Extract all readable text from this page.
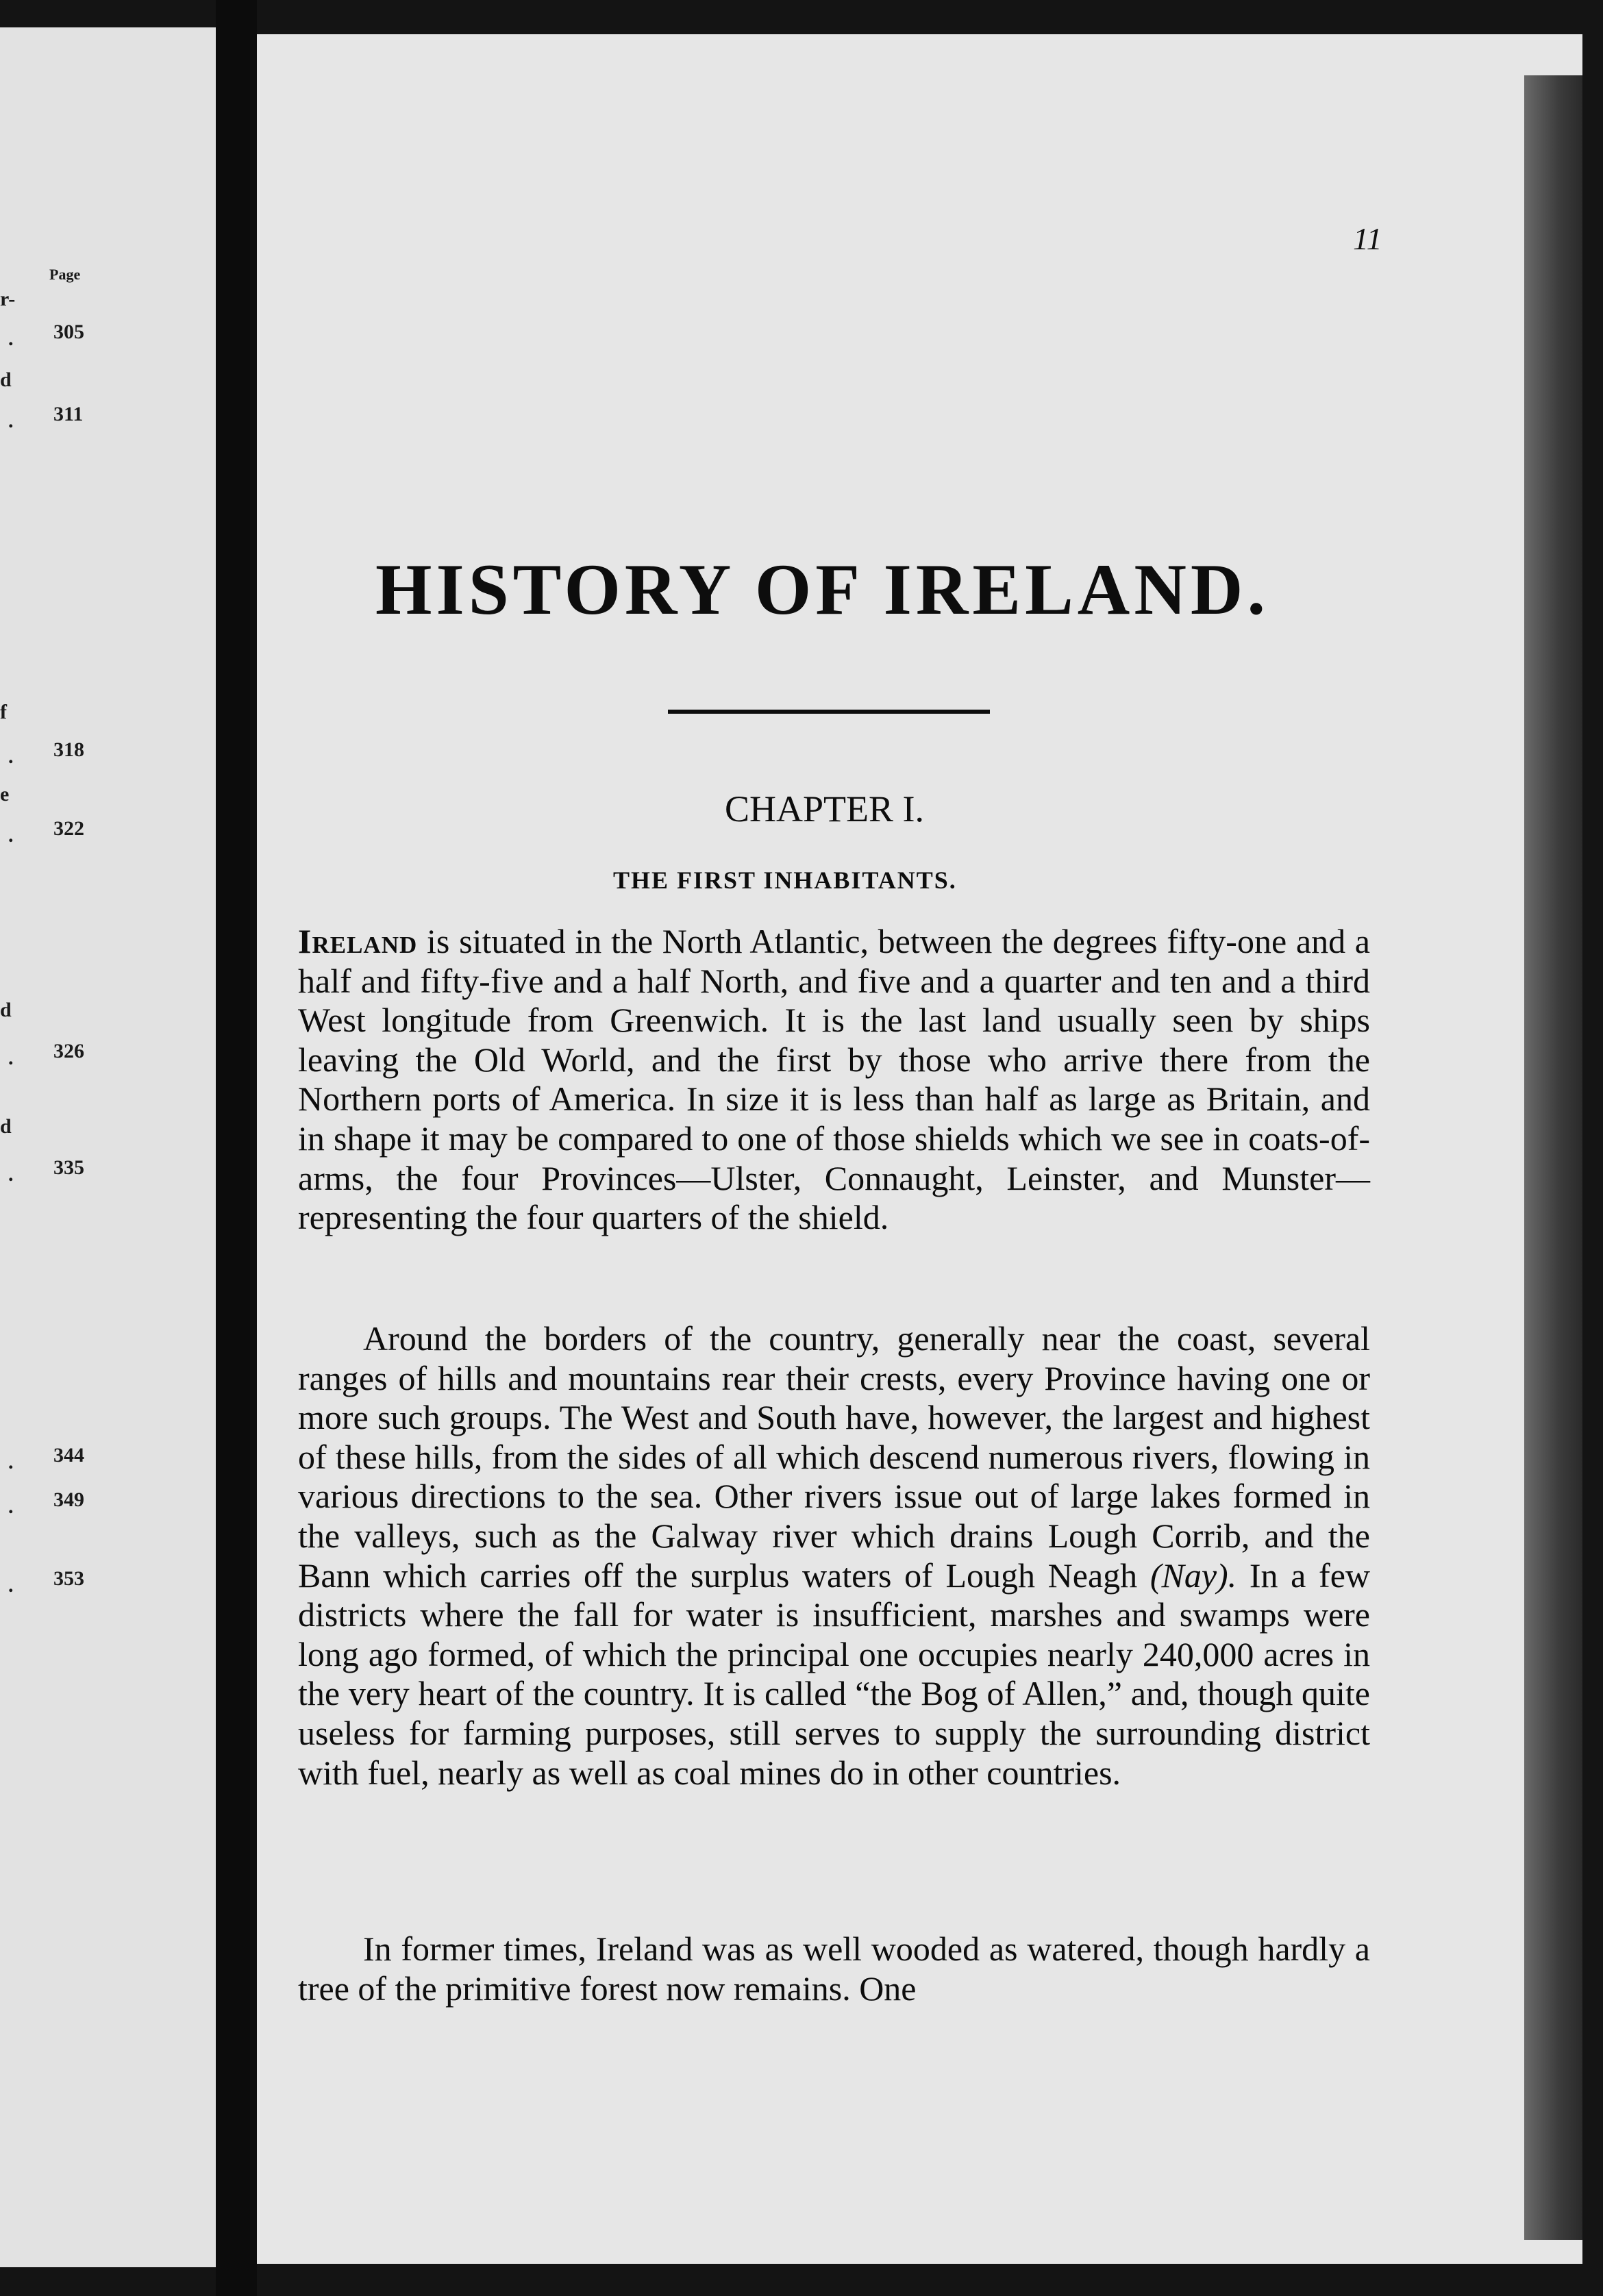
Page
r-
. 305
d
. 311
f
. 318
e
. 322
d
. 326
d
. 335
. 344
. 349
. 353
11
HISTORY OF IRELAND.
CHAPTER I.
THE FIRST INHABITANTS.
Ireland is situated in the North Atlantic, between the degrees fifty-one and a half and fifty-five and a half North, and five and a quarter and ten and a third West longitude from Greenwich. It is the last land usually seen by ships leaving the Old World, and the first by those who arrive there from the Northern ports of America. In size it is less than half as large as Britain, and in shape it may be compared to one of those shields which we see in coats-of-arms, the four Provinces—Ulster, Connaught, Leinster, and Munster—representing the four quarters of the shield.
Around the borders of the country, generally near the coast, several ranges of hills and mountains rear their crests, every Province having one or more such groups. The West and South have, however, the largest and highest of these hills, from the sides of all which descend numerous rivers, flowing in various directions to the sea. Other rivers issue out of large lakes formed in the valleys, such as the Galway river which drains Lough Corrib, and the Bann which carries off the surplus waters of Lough Neagh (Nay). In a few districts where the fall for water is insufficient, marshes and swamps were long ago formed, of which the principal one occupies nearly 240,000 acres in the very heart of the country. It is called “the Bog of Allen,” and, though quite useless for farming purposes, still serves to supply the surrounding district with fuel, nearly as well as coal mines do in other countries.
In former times, Ireland was as well wooded as watered, though hardly a tree of the primitive forest now remains. One
